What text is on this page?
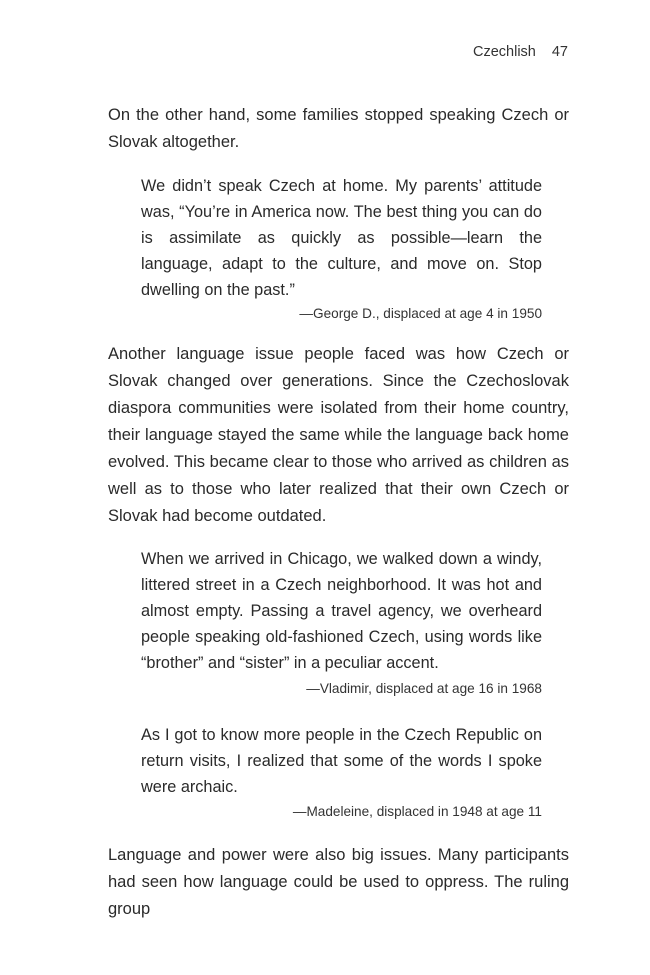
Czechlish 47

On the other hand, some families stopped speaking Czech or Slovak altogether.

We didn’t speak Czech at home. My parents’ attitude was, “You’re in America now. The best thing you can do is assimilate as quickly as possible—learn the language, adapt to the culture, and move on. Stop dwelling on the past.”

—George D., displaced at age 4 in 1950

Another language issue people faced was how Czech or Slovak changed over generations. Since the Czechoslovak diaspora communities were isolated from their home country, their language stayed the same while the language back home evolved. This became clear to those who arrived as children as well as to those who later realized that their own Czech or Slovak had become outdated.

When we arrived in Chicago, we walked down a windy, littered street in a Czech neighborhood. It was hot and almost empty. Passing a travel agency, we overheard people speaking old-fashioned Czech, using words like “brother” and “sister” in a peculiar accent.

—Vladimir, displaced at age 16 in 1968

As I got to know more people in the Czech Republic on return visits, I realized that some of the words I spoke were archaic.

—Madeleine, displaced in 1948 at age 11

Language and power were also big issues. Many participants had seen how language could be used to oppress. The ruling group
